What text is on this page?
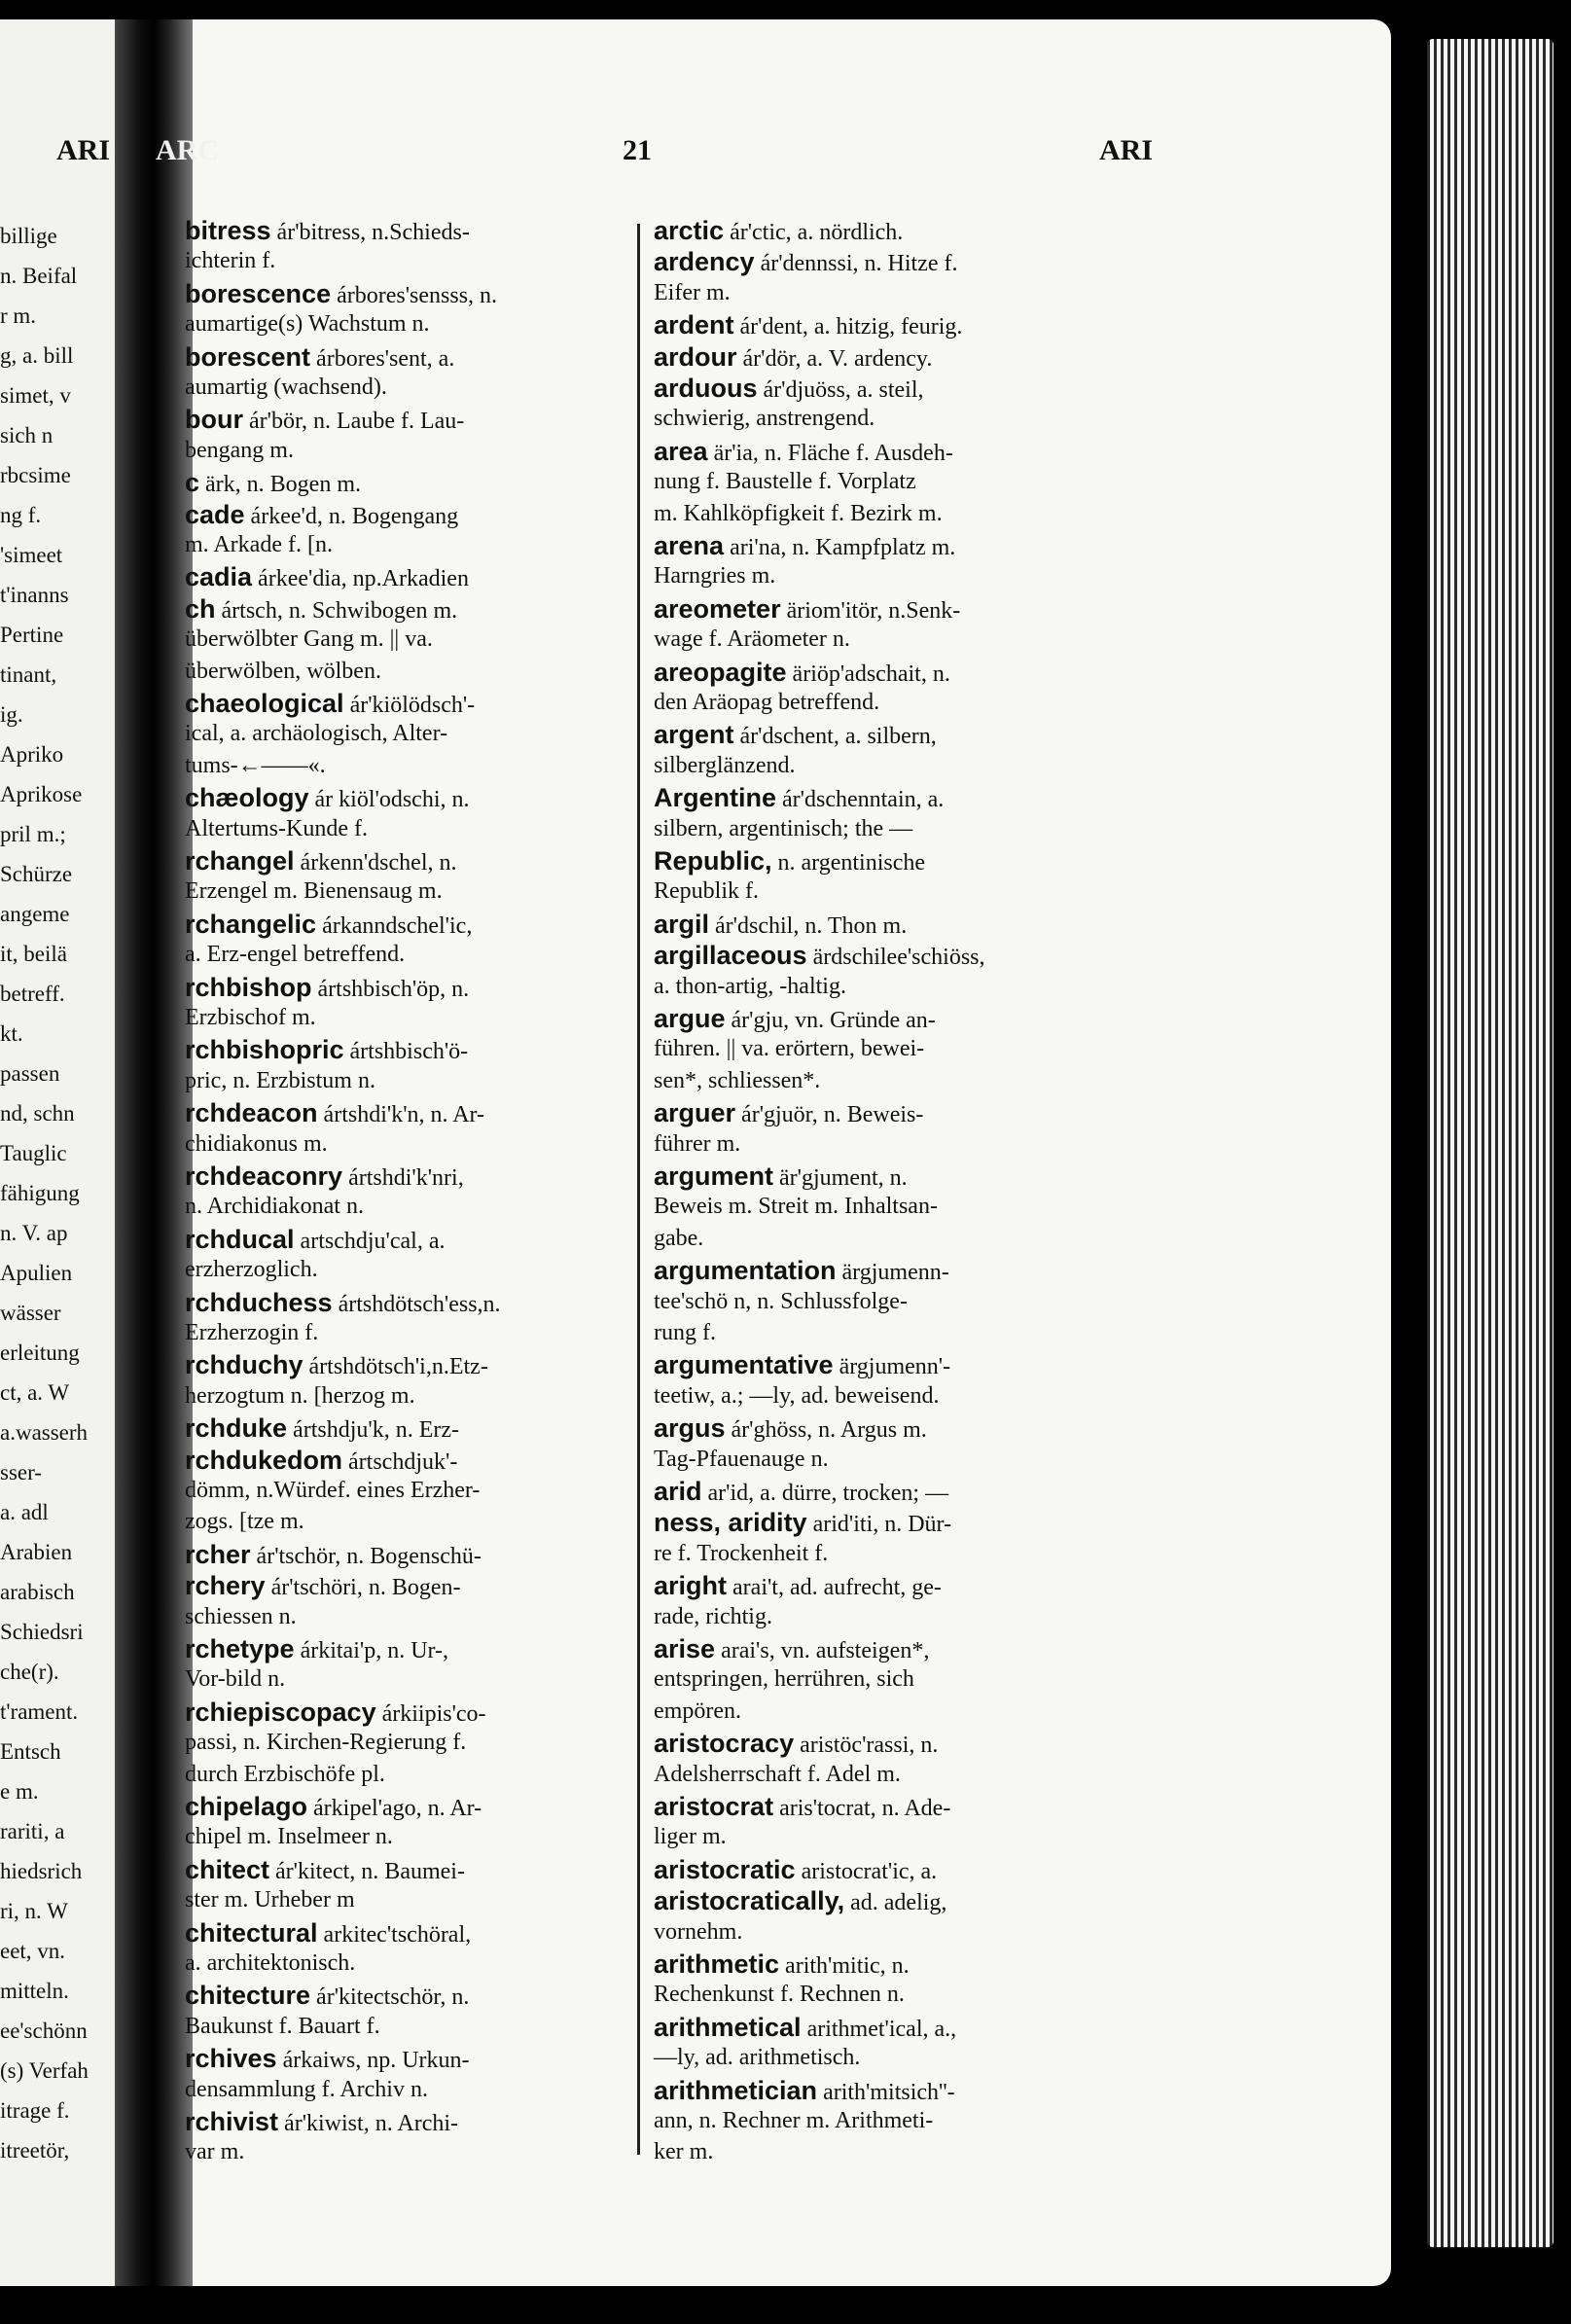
billige
n. Beifal
r m.
g, a. bill
simet, v
sich n
rbcsime
ng f.
'simeet
t'inanns
Pertine
tinant,
ig.
Apriko
Aprikose
pril m.;
Schürze
angeme
it, beilä
betreff.
kt.
passen
nd, schn
Tauglic
fähigung
n. V. ap
Apulien
wässer
erleitung
ct, a. W
a.wasserh
sser-
a. adl
Arabien
arabisch
Schiedsri
che(r).
t'rament.
Entsch
e m.
rariti, a
hiedsrich
ri, n. W
eet, vn.
mitteln.
ee'schönn
(s) Verfah
itrage f.
itreetör,
ARI ARC	21	ARI
bitress ár'bitress, n.Schieds-
ichterin f.
borescence árbores'sensss, n.
aumartige(s) Wachstum n.
borescent árbores'sent, a.
aumartig (wachsend).
bour ár'bör, n. Laube f. Lau-
bengang m.
c ärk, n. Bogen m.
cade árkee'd, n. Bogengang
m. Arkade f. [n.
cadia árkee'dia, np.Arkadien
ch ártsch, n. Schwibogen m.
überwölbter Gang m. || va.
überwölben, wölben.
chaeological ár'kiölödsch'-
ical, a. archäologisch, Alter-
tums-←——«.
chæology ár kiöl'odschi, n.
Altertums-Kunde f.
rchangel árkenn'dschel, n.
Erzengel m. Bienensaug m.
rchangelic árkanndschel'ic,
a. Erz-engel betreffend.
rchbishop ártshbisch'öp, n.
Erzbischof m.
rchbishopric ártshbisch'ö-
pric, n. Erzbistum n.
rchdeacon ártshdi'k'n, n. Ar-
chidiakonus m.
rchdeaconry ártshdi'k'nri,
n. Archidiakonat n.
rchducal artschdju'cal, a.
erzherzoglich.
rchduchess ártshdötsch'ess,n.
Erzherzogin f.
rchduchy ártshdötsch'i,n.Etz-
herzogtum n. [herzog m.
rchduke ártshdju'k, n. Erz-
rchdukedom ártschdjuk'-
dömm, n.Würdef. eines Erzher-
zogs. [tze m.
rcher ár'tschör, n. Bogenschü-
rchery ár'tschöri, n. Bogen-
schiessen n.
rchetype árkitai'p, n. Ur-,
Vor-bild n.
rchiepiscopacy árkiipis'co-
passi, n. Kirchen-Regierung f.
durch Erzbischöfe pl.
chipelago árkipel'ago, n. Ar-
chipel m. Inselmeer n.
chitect ár'kitect, n. Baumei-
ster m. Urheber m
chitectural arkitec'tschöral,
a. architektonisch.
chitecture ár'kitectschör, n.
Baukunst f. Bauart f.
rchives árkaiws, np. Urkun-
densammlung f. Archiv n.
rchivist ár'kiwist, n. Archi-
var m.
arctic ár'ctic, a. nördlich.
ardency ár'dennssi, n. Hitze f.
Eifer m.
ardent ár'dent, a. hitzig, feurig.
ardour ár'dör, a. V. ardency.
arduous ár'djuöss, a. steil,
schwierig, anstrengend.
area är'ia, n. Fläche f. Ausdeh-
nung f. Baustelle f. Vorplatz
m. Kahlköpfigkeit f. Bezirk m.
arena ari'na, n. Kampfplatz m.
Harngries m.
areometer äriom'itör, n.Senk-
wage f. Aräometer n.
areopagite äriöp'adschait, n.
den Aräopag betreffend.
argent ár'dschent, a. silbern,
silberglänzend.
Argentine ár'dschenntain, a.
silbern, argentinisch; the —
Republic, n. argentinische
Republik f.
argil ár'dschil, n. Thon m.
argillaceous ärdschilee'schiöss,
a. thon-artig, -haltig.
argue ár'gju, vn. Gründe an-
führen. || va. erörtern, bewei-
sen*, schliessen*.
arguer ár'gjuör, n. Beweis-
führer m.
argument är'gjument, n.
Beweis m. Streit m. Inhaltsan-
gabe.
argumentation ärgjumenn-
tee'schö n, n. Schlussfolge-
rung f.
argumentative ärgjumenn'-
teetiw, a.; —ly, ad. beweisend.
argus ár'ghöss, n. Argus m.
Tag-Pfauenauge n.
arid ar'id, a. dürre, trocken; —
ness, aridity arid'iti, n. Dür-
re f. Trockenheit f.
aright arai't, ad. aufrecht, ge-
rade, richtig.
arise arai's, vn. aufsteigen*,
entspringen, herrühren, sich
empören.
aristocracy aristöc'rassi, n.
Adelsherrschaft f. Adel m.
aristocrat aris'tocrat, n. Ade-
liger m.
aristocratic aristocrat'ic, a.
aristocratically, ad. adelig,
vornehm.
arithmetic arith'mitic, n.
Rechenkunst f. Rechnen n.
arithmetical arithmet'ical, a.,
—ly, ad. arithmetisch.
arithmetician arith'mitsich''-
ann, n. Rechner m. Arithmeti-
ker m.
